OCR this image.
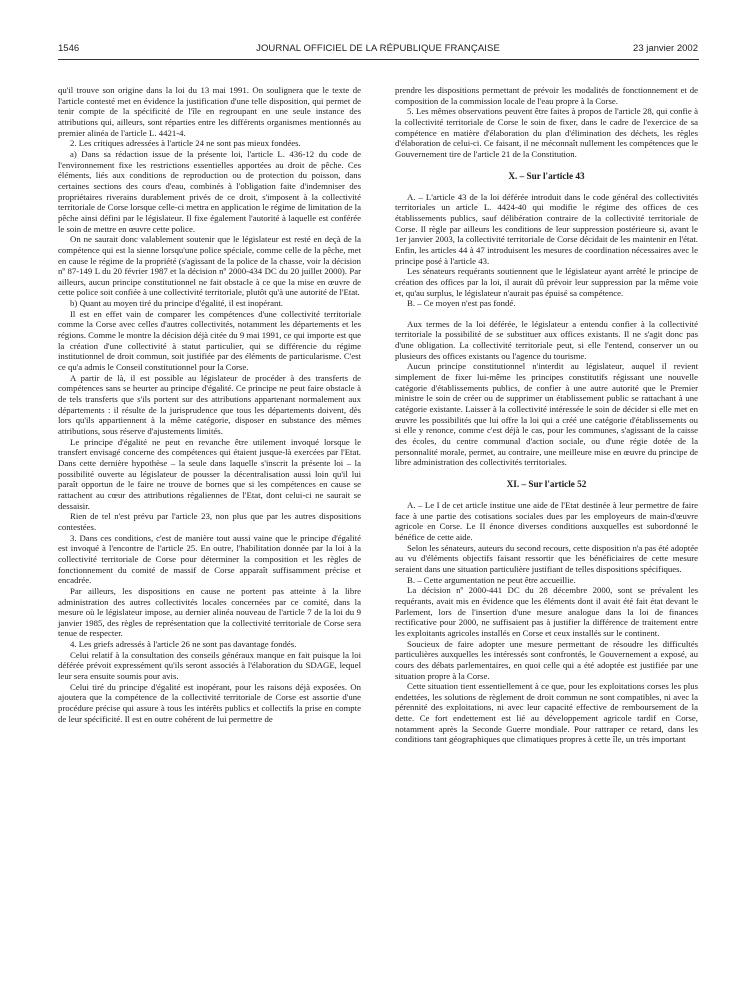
1546	JOURNAL OFFICIEL DE LA RÉPUBLIQUE FRANÇAISE	23 janvier 2002

qu'il trouve son origine dans la loi du 13 mai 1991. On soulignera que le texte de l'article contesté met en évidence la justification d'une telle disposition, qui permet de tenir compte de la spécificité de l'île en regroupant en une seule instance des attributions qui, ailleurs, sont réparties entre les différents organismes mentionnés au premier alinéa de l'article L. 4421-4.

2. Les critiques adressées à l'article 24 ne sont pas mieux fondées.

a) Dans sa rédaction issue de la présente loi, l'article L. 436-12 du code de l'environnement fixe les restrictions essentielles apportées au droit de pêche. Ces éléments, liés aux conditions de reproduction ou de protection du poisson, dans certaines sections des cours d'eau, combinés à l'obligation faite d'indemniser des propriétaires riverains durablement privés de ce droit, s'imposent à la collectivité territoriale de Corse lorsque celle-ci mettra en application le régime de limitation de la pêche ainsi défini par le législateur. Il fixe également l'autorité à laquelle est conférée le soin de mettre en œuvre cette police.

On ne saurait donc valablement soutenir que le législateur est resté en deçà de la compétence qui est la sienne lorsqu'une police spéciale, comme celle de la pêche, met en cause le régime de la propriété (s'agissant de la police de la chasse, voir la décision nº 87-149 L du 20 février 1987 et la décision nº 2000-434 DC du 20 juillet 2000). Par ailleurs, aucun principe constitutionnel ne fait obstacle à ce que la mise en œuvre de cette police soit confiée à une collectivité territoriale, plutôt qu'à une autorité de l'Etat.

b) Quant au moyen tiré du principe d'égalité, il est inopérant.

Il est en effet vain de comparer les compétences d'une collectivité territoriale comme la Corse avec celles d'autres collectivités, notamment les départements et les régions. Comme le montre la décision déjà citée du 9 mai 1991, ce qui importe est que la création d'une collectivité à statut particulier, qui se différencie du régime institutionnel de droit commun, soit justifiée par des éléments de particularisme. C'est ce qu'a admis le Conseil constitutionnel pour la Corse.

A partir de là, il est possible au législateur de procéder à des transferts de compétences sans se heurter au principe d'égalité. Ce principe ne peut faire obstacle à de tels transferts que s'ils portent sur des attributions appartenant normalement aux départements : il résulte de la jurisprudence que tous les départements doivent, dès lors qu'ils appartiennent à la même catégorie, disposer en substance des mêmes attributions, sous réserve d'ajustements limités.

Le principe d'égalité ne peut en revanche être utilement invoqué lorsque le transfert envisagé concerne des compétences qui étaient jusque-là exercées par l'Etat. Dans cette dernière hypothèse – la seule dans laquelle s'inscrit la présente loi – la possibilité ouverte au législateur de pousser la décentralisation aussi loin qu'il lui paraît opportun de le faire ne trouve de bornes que si les compétences en cause se rattachent au cœur des attributions régaliennes de l'Etat, dont celui-ci ne saurait se dessaisir.

Rien de tel n'est prévu par l'article 23, non plus que par les autres dispositions contestées.

3. Dans ces conditions, c'est de manière tout aussi vaine que le principe d'égalité est invoqué à l'encontre de l'article 25. En outre, l'habilitation donnée par la loi à la collectivité territoriale de Corse pour déterminer la composition et les règles de fonctionnement du comité de massif de Corse apparaît suffisamment précise et encadrée.

Par ailleurs, les dispositions en cause ne portent pas atteinte à la libre administration des autres collectivités locales concernées par ce comité, dans la mesure où le législateur impose, au dernier alinéa nouveau de l'article 7 de la loi du 9 janvier 1985, des règles de représentation que la collectivité territoriale de Corse sera tenue de respecter.

4. Les griefs adressés à l'article 26 ne sont pas davantage fondés.

Celui relatif à la consultation des conseils généraux manque en fait puisque la loi déférée prévoit expressément qu'ils seront associés à l'élaboration du SDAGE, lequel leur sera ensuite soumis pour avis.

Celui tiré du principe d'égalité est inopérant, pour les raisons déjà exposées. On ajoutera que la compétence de la collectivité territoriale de Corse est assortie d'une procédure précise qui assure à tous les intérêts publics et collectifs la prise en compte de leur spécificité. Il est en outre cohérent de lui permettre de

prendre les dispositions permettant de prévoir les modalités de fonctionnement et de composition de la commission locale de l'eau propre à la Corse.

5. Les mêmes observations peuvent être faites à propos de l'article 28, qui confie à la collectivité territoriale de Corse le soin de fixer, dans le cadre de l'exercice de sa compétence en matière d'élaboration du plan d'élimination des déchets, les règles d'élaboration de celui-ci. Ce faisant, il ne méconnaît nullement les compétences que le Gouvernement tire de l'article 21 de la Constitution.

X. – Sur l'article 43

A. – L'article 43 de la loi déférée introduit dans le code général des collectivités territoriales un article L. 4424-40 qui modifie le régime des offices de ces établissements publics, sauf délibération contraire de la collectivité territoriale de Corse. Il règle par ailleurs les conditions de leur suppression postérieure si, avant le 1er janvier 2003, la collectivité territoriale de Corse décidait de les maintenir en l'état. Enfin, les articles 44 à 47 introduisent les mesures de coordination nécessaires avec le principe posé à l'article 43.

Les sénateurs requérants soutiennent que le législateur ayant arrêté le principe de création des offices par la loi, il aurait dû prévoir leur suppression par la même voie et, qu'au surplus, le législateur n'aurait pas épuisé sa compétence.

B. – Ce moyen n'est pas fondé.

Aux termes de la loi déférée, le législateur a entendu confier à la collectivité territoriale la possibilité de se substituer aux offices existants. Il ne s'agit donc pas d'une obligation. La collectivité territoriale peut, si elle l'entend, conserver un ou plusieurs des offices existants ou l'agence du tourisme.

Aucun principe constitutionnel n'interdit au législateur, auquel il revient simplement de fixer lui-même les principes constitutifs régissant une nouvelle catégorie d'établissements publics, de confier à une autre autorité que le Premier ministre le soin de créer ou de supprimer un établissement public se rattachant à une catégorie existante. Laisser à la collectivité intéressée le soin de décider si elle met en œuvre les possibilités que lui offre la loi qui a créé une catégorie d'établissements ou si elle y renonce, comme c'est déjà le cas, pour les communes, s'agissant de la caisse des écoles, du centre communal d'action sociale, ou d'une régie dotée de la personnalité morale, permet, au contraire, une meilleure mise en œuvre du principe de libre administration des collectivités territoriales.

XI. – Sur l'article 52

A. – Le I de cet article institue une aide de l'Etat destinée à leur permettre de faire face à une partie des cotisations sociales dues par les employeurs de main-d'œuvre agricole en Corse. Le II énonce diverses conditions auxquelles est subordonné le bénéfice de cette aide.

Selon les sénateurs, auteurs du second recours, cette disposition n'a pas été adoptée au vu d'éléments objectifs faisant ressortir que les bénéficiaires de cette mesure seraient dans une situation particulière justifiant de telles dispositions spécifiques.

B. – Cette argumentation ne peut être accueillie.

La décision nº 2000-441 DC du 28 décembre 2000, sont se prévalent les requérants, avait mis en évidence que les éléments dont il avait été fait état devant le Parlement, lors de l'insertion d'une mesure analogue dans la loi de finances rectificative pour 2000, ne suffisaient pas à justifier la différence de traitement entre les exploitants agricoles installés en Corse et ceux installés sur le continent.

Soucieux de faire adopter une mesure permettant de résoudre les difficultés particulières auxquelles les intéressés sont confrontés, le Gouvernement a exposé, au cours des débats parlementaires, en quoi celle qui a été adoptée est justifiée par une situation propre à la Corse.

Cette situation tient essentiellement à ce que, pour les exploitations corses les plus endettées, les solutions de règlement de droit commun ne sont compatibles, ni avec la pérennité des exploitations, ni avec leur capacité effective de remboursement de la dette. Ce fort endettement est lié au développement agricole tardif en Corse, notamment après la Seconde Guerre mondiale. Pour rattraper ce retard, dans les conditions tant géographiques que climatiques propres à cette île, un très important
